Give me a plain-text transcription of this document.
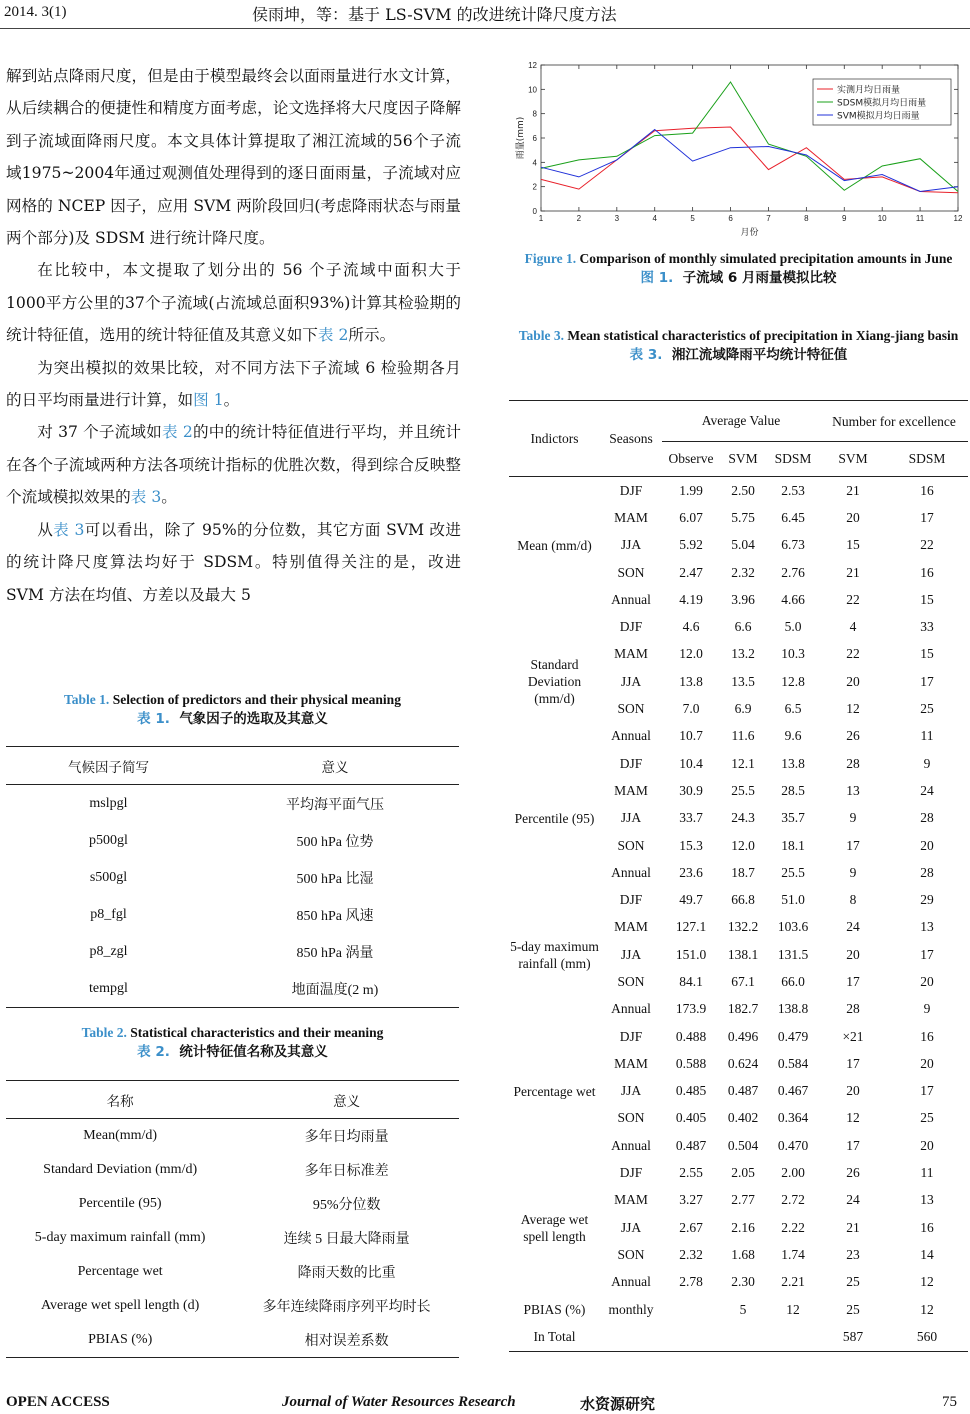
2014. 3(1)	侯雨坤，等：基于 LS-SVM 的改进统计降尺度方法

解到站点降雨尺度，但是由于模型最终会以面雨量进行水文计算，从后续耦合的便捷性和精度方面考虑，论文选择将大尺度因子降解到子流域面降雨尺度。本文具体计算提取了湘江流域的56个子流域1975~2004年通过观测值处理得到的逐日面雨量，子流域对应网格的 NCEP 因子，应用 SVM 两阶段回归(考虑降雨状态与雨量两个部分)及 SDSM 进行统计降尺度。

在比较中，本文提取了划分出的 56 个子流域中面积大于1000平方公里的37个子流域(占流域总面积93%)计算其检验期的统计特征值，选用的统计特征值及其意义如下表 2所示。

为突出模拟的效果比较，对不同方法下子流域 6 检验期各月的日平均雨量进行计算，如图 1。

对 37 个子流域如表 2的中的统计特征值进行平均，并且统计在各个子流域两种方法各项统计指标的优胜次数，得到综合反映整个流域模拟效果的表 3。

从表 3可以看出，除了 95%的分位数，其它方面 SVM 改进的统计降尺度算法均好于 SDSM。特别值得关注的是，改进 SVM 方法在均值、方差以及最大 5

Table 1. Selection of predictors and their physical meaning
表 1. 气象因子的选取及其意义
气候因子简写	意义
mslpgl	平均海平面气压
p500gl	500 hPa 位势
s500gl	500 hPa 比湿
p8_fgl	850 hPa 风速
p8_zgl	850 hPa 涡量
tempgl	地面温度(2 m)
Table 2. Statistical characteristics and their meaning
表 2. 统计特征值名称及其意义
名称	意义
Mean(mm/d)	多年日均雨量
Standard Deviation (mm/d)	多年日标准差
Percentile (95)	95%分位数
5-day maximum rainfall (mm)	连续 5 日最大降雨量
Percentage wet	降雨天数的比重
Average wet spell length (d)	多年连续降雨序列平均时长
PBIAS (%)	相对误差系数
0
2
4
6
8
10
12
1	2	3	4	5	6	7	8	9	10	11	12
月份
雨量(mm)
实测月均日雨量
SDSM模拟月均日雨量
SVM模拟月均日雨量
Figure 1. Comparison of monthly simulated precipitation amounts in June
图 1. 子流域 6 月雨量模拟比较
Table 3. Mean statistical characteristics of precipitation in Xiang-jiang basin
表 3. 湘江流域降雨平均统计特征值
Indictors	Seasons	Average Value			Number for excellence	
		Observe	SVM	SDSM	SVM	SDSM
Mean (mm/d)	DJF	1.99	2.50	2.53	21	16
	MAM	6.07	5.75	6.45	20	17
	JJA	5.92	5.04	6.73	15	22
	SON	2.47	2.32	2.76	21	16
	Annual	4.19	3.96	4.66	22	15
Standard Deviation (mm/d)	DJF	4.6	6.6	5.0	4	33
	MAM	12.0	13.2	10.3	22	15
	JJA	13.8	13.5	12.8	20	17
	SON	7.0	6.9	6.5	12	25
	Annual	10.7	11.6	9.6	26	11
Percentile (95)	DJF	10.4	12.1	13.8	28	9
	MAM	30.9	25.5	28.5	13	24
	JJA	33.7	24.3	35.7	9	28
	SON	15.3	12.0	18.1	17	20
	Annual	23.6	18.7	25.5	9	28
5-day maximum rainfall (mm)	DJF	49.7	66.8	51.0	8	29
	MAM	127.1	132.2	103.6	24	13
	JJA	151.0	138.1	131.5	20	17
	SON	84.1	67.1	66.0	17	20
	Annual	173.9	182.7	138.8	28	9
Percentage wet	DJF	0.488	0.496	0.479	×21	16
	MAM	0.588	0.624	0.584	17	20
	JJA	0.485	0.487	0.467	20	17
	SON	0.405	0.402	0.364	12	25
	Annual	0.487	0.504	0.470	17	20
Average wet spell length	DJF	2.55	2.05	2.00	26	11
	MAM	3.27	2.77	2.72	24	13
	JJA	2.67	2.16	2.22	21	16
	SON	2.32	1.68	1.74	23	14
	Annual	2.78	2.30	2.21	25	12
PBIAS (%)	monthly		5	12	25	12
In Total					587	560
OPEN ACCESS	Journal of Water Resources Research	水资源研究	75
